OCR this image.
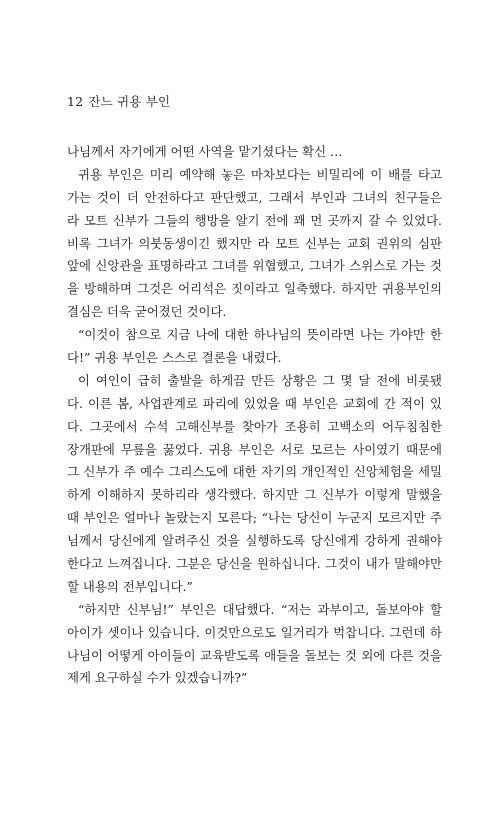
12 잔느 귀용 부인
나님께서 자기에게 어떤 사역을 맡기셨다는 확신 …
귀용 부인은 미리 예약해 놓은 마차보다는 비밀리에 이 배를 타고
가는 것이 더 안전하다고 판단했고, 그래서 부인과 그녀의 친구들은
라 모트 신부가 그들의 행방을 알기 전에 꽤 먼 곳까지 갈 수 있었다.
비록 그녀가 의붓동생이긴 했지만 라 모트 신부는 교회 권위의 심판
앞에 신앙관을 표명하라고 그녀를 위협했고, 그녀가 스위스로 가는 것
을 방해하며 그것은 어리석은 짓이라고 일축했다. 하지만 귀용부인의
결심은 더욱 굳어졌던 것이다.
“이것이 참으로 지금 나에 대한 하나님의 뜻이라면 나는 가야만 한
다!” 귀용 부인은 스스로 결론을 내렸다.
이 여인이 급히 출발을 하게끔 만든 상황은 그 몇 달 전에 비롯됐
다. 이른 봄, 사업관계로 파리에 있었을 때 부인은 교회에 간 적이 있
다. 그곳에서 수석 고해신부를 찾아가 조용히 고백소의 어두침침한
장개판에 무릎을 꿇었다. 귀용 부인은 서로 모르는 사이였기 때문에
그 신부가 주 예수 그리스도에 대한 자기의 개인적인 신앙체험을 세밀
하게 이해하지 못하리라 생각했다. 하지만 그 신부가 이렇게 말했을
때 부인은 얼마나 놀랐는지 모른다; “나는 당신이 누군지 모르지만 주
님께서 당신에게 알려주신 것을 실행하도록 당신에게 강하게 권해야
한다고 느껴집니다. 그분은 당신을 원하십니다. 그것이 내가 말해야만
할 내용의 전부입니다.”
“하지만 신부님!” 부인은 대답했다. “저는 과부이고, 돌보아야 할
아이가 셋이나 있습니다. 이것만으로도 일거리가 벅찹니다. 그런데 하
나님이 어떻게 아이들이 교육받도록 애들을 돌보는 것 외에 다른 것을
제게 요구하실 수가 있겠습니까?”
